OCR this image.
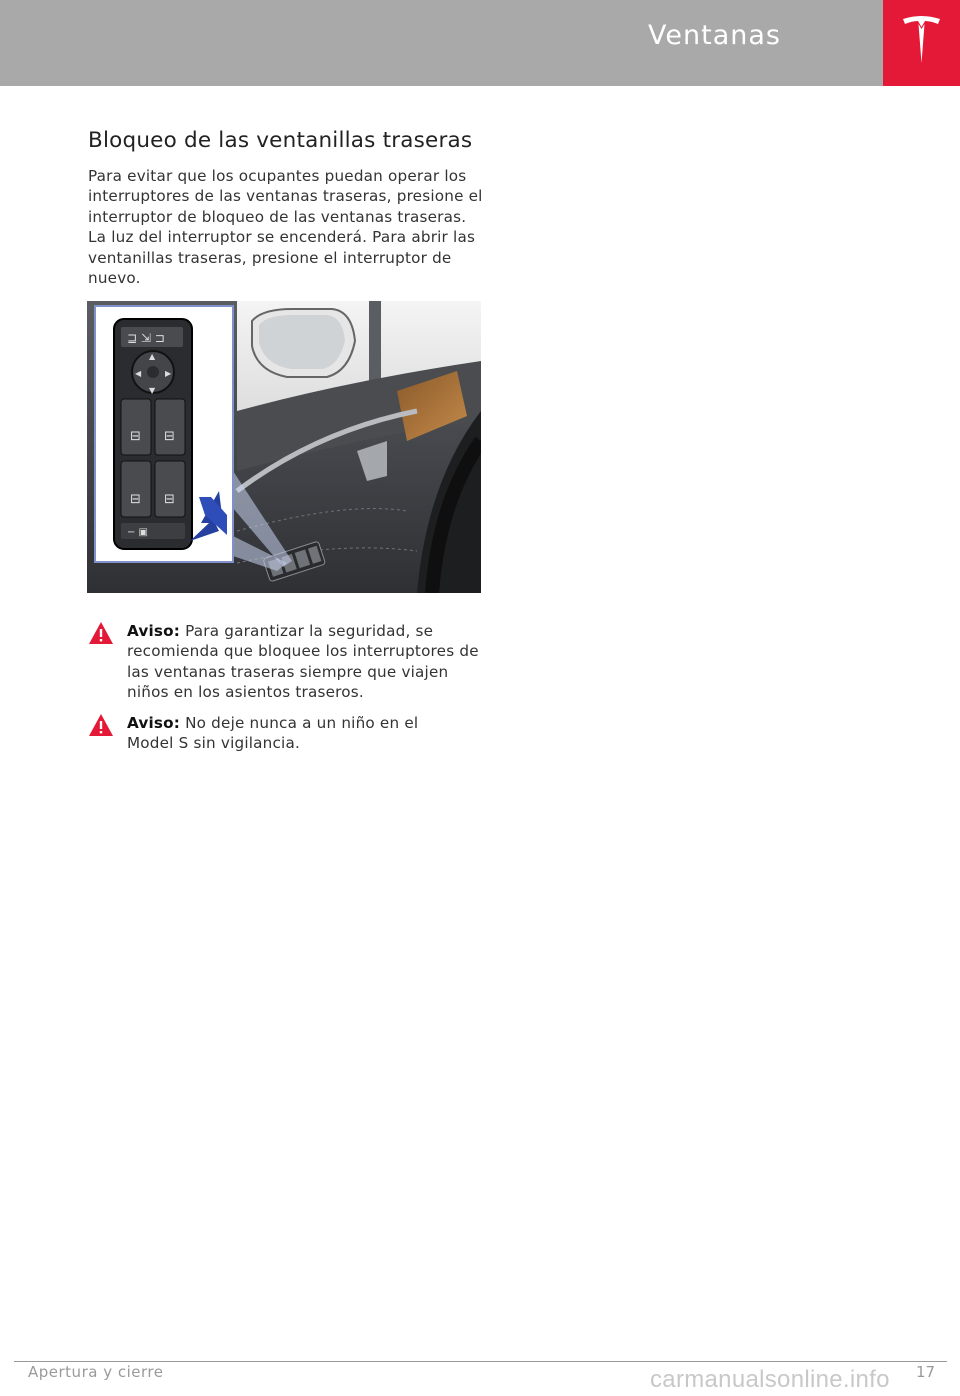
Ventanas
Bloqueo de las ventanillas traseras

Para evitar que los ocupantes puedan operar los interruptores de las ventanas traseras, presione el interruptor de bloqueo de las ventanas traseras. La luz del interruptor se encenderá. Para abrir las ventanillas traseras, presione el interruptor de nuevo.

⊒ ⇲ ⊐
▲
▼
◀	▶
⊟ ⊟
⊟ ⊟
− ▣
Aviso: Para garantizar la seguridad, se recomienda que bloquee los interruptores de las ventanas traseras siempre que viajen niños en los asientos traseros.
Aviso: No deje nunca a un niño en el Model S sin vigilancia.
Apertura y cierre	17
carmanualsonline.info
